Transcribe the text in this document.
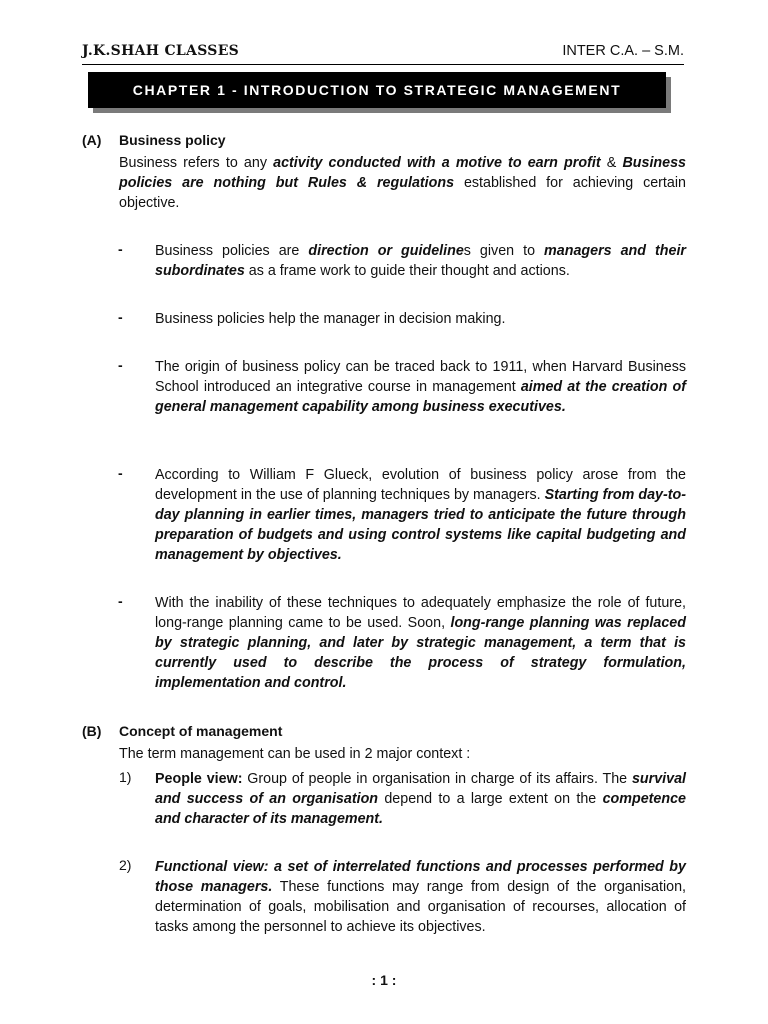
J.K.SHAH CLASSES	INTER C.A. – S.M.
CHAPTER 1 - INTRODUCTION TO STRATEGIC MANAGEMENT
(A) Business policy

Business refers to any activity conducted with a motive to earn profit & Business policies are nothing but Rules & regulations established for achieving certain objective.

- Business policies are direction or guidelines given to managers and their subordinates as a frame work to guide their thought and actions.

- Business policies help the manager in decision making.

- The origin of business policy can be traced back to 1911, when Harvard Business School introduced an integrative course in management aimed at the creation of general management capability among business executives.

- According to William F Glueck, evolution of business policy arose from the development in the use of planning techniques by managers. Starting from day-to-day planning in earlier times, managers tried to anticipate the future through preparation of budgets and using control systems like capital budgeting and management by objectives.

- With the inability of these techniques to adequately emphasize the role of future, long-range planning came to be used. Soon, long-range planning was replaced by strategic planning, and later by strategic management, a term that is currently used to describe the process of strategy formulation, implementation and control.

(B) Concept of management

The term management can be used in 2 major context :

1) People view: Group of people in organisation in charge of its affairs. The survival and success of an organisation depend to a large extent on the competence and character of its management.

2) Functional view: a set of interrelated functions and processes performed by those managers. These functions may range from design of the organisation, determination of goals, mobilisation and organisation of recourses, allocation of tasks among the personnel to achieve its objectives.

: 1 :
